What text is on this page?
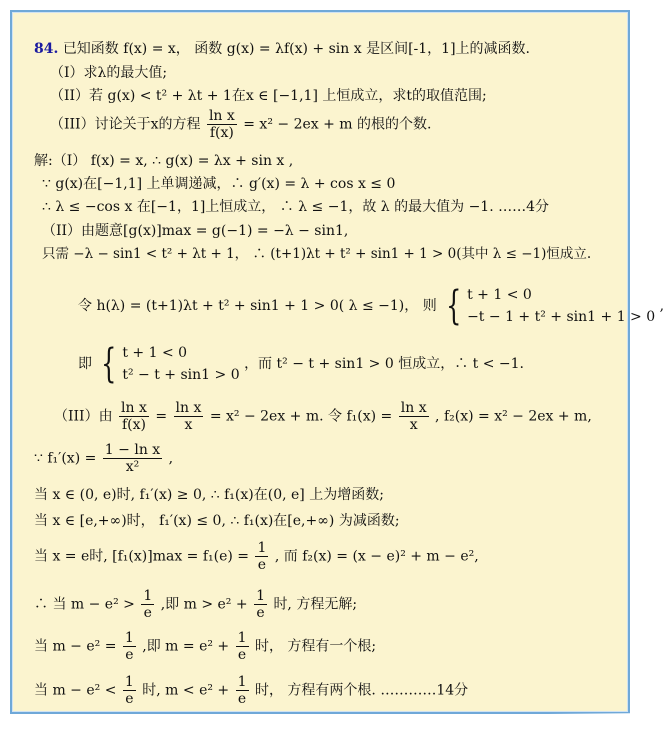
84. 已知函数 f(x) = x， 函数 g(x) = λf(x) + sin x 是区间[-1，1]上的减函数.
（I）求λ的最大值;
（II）若 g(x) < t² + λt + 1在x ∈ [−1,1] 上恒成立，求t的取值范围;
（III）讨论关于x的方程 $\frac{\text{ln x}}{f(x)} = x^2 - 2ex + m$ 的根的个数.
解:（I） f(x) = x, ∴ g(x) = λx + sin x ,
∵ g(x)在[−1,1] 上单调递减，∴ g′(x) = λ + cos x ≤ 0
∴ λ ≤ −cos x 在[−1，1]上恒成立， ∴ λ ≤ −1，故 λ 的最大值为 −1. ……4分
（II）由题意[g(x)]max = g(−1) = −λ − sin1,
只需 −λ − sin1 < t² + λt + 1， ∴ (t+1)λt + t² + sin1 + 1 > 0(其中 λ ≤ −1)恒成立.
令 h(λ) = (t+1)λt + t² + sin1 + 1 > 0( λ ≤ −1)， 则 { t + 1 < 0
−t − 1 + t² + sin1 + 1 > 0
,
即 { t + 1 < 0
t² − t + sin1 > 0
，而 t² − t + sin1 > 0 恒成立，∴ t < −1.
（III）由 $\frac{\text{ln x}}{f(x)} = \frac{\text{ln x}}{x} = x^2 - 2ex + m$. 令 $f_1(x) = \frac{\text{ln x}}{x}$ , f₂(x) = x² − 2ex + m,
∵ $f_1'(x) = \frac{\text{1 − ln x}}{\text{x²}}$ ,
当 x ∈ (0, e)时, f₁′(x) ≥ 0, ∴ f₁(x)在(0, e] 上为增函数;
当 x ∈ [e,+∞)时， f₁′(x) ≤ 0, ∴ f₁(x)在[e,+∞) 为减函数;
当 x = e时, $[f_1(x)]\max = f_1(e) = \frac{1}{e}$ , 而 f₂(x) = (x − e)² + m − e²,
∴ 当 $m - e^2 > \frac{1}{e}$ ,即 $m > e^2 + \frac{1}{e}$ 时, 方程无解;
当 $m - e^2 = \frac{1}{e}$ ,即 $m = e^2 + \frac{1}{e}$ 时， 方程有一个根;
当 $m - e^2 < \frac{1}{e}$ 时, $m < e^2 + \frac{1}{e}$ 时， 方程有两个根. …………14分
